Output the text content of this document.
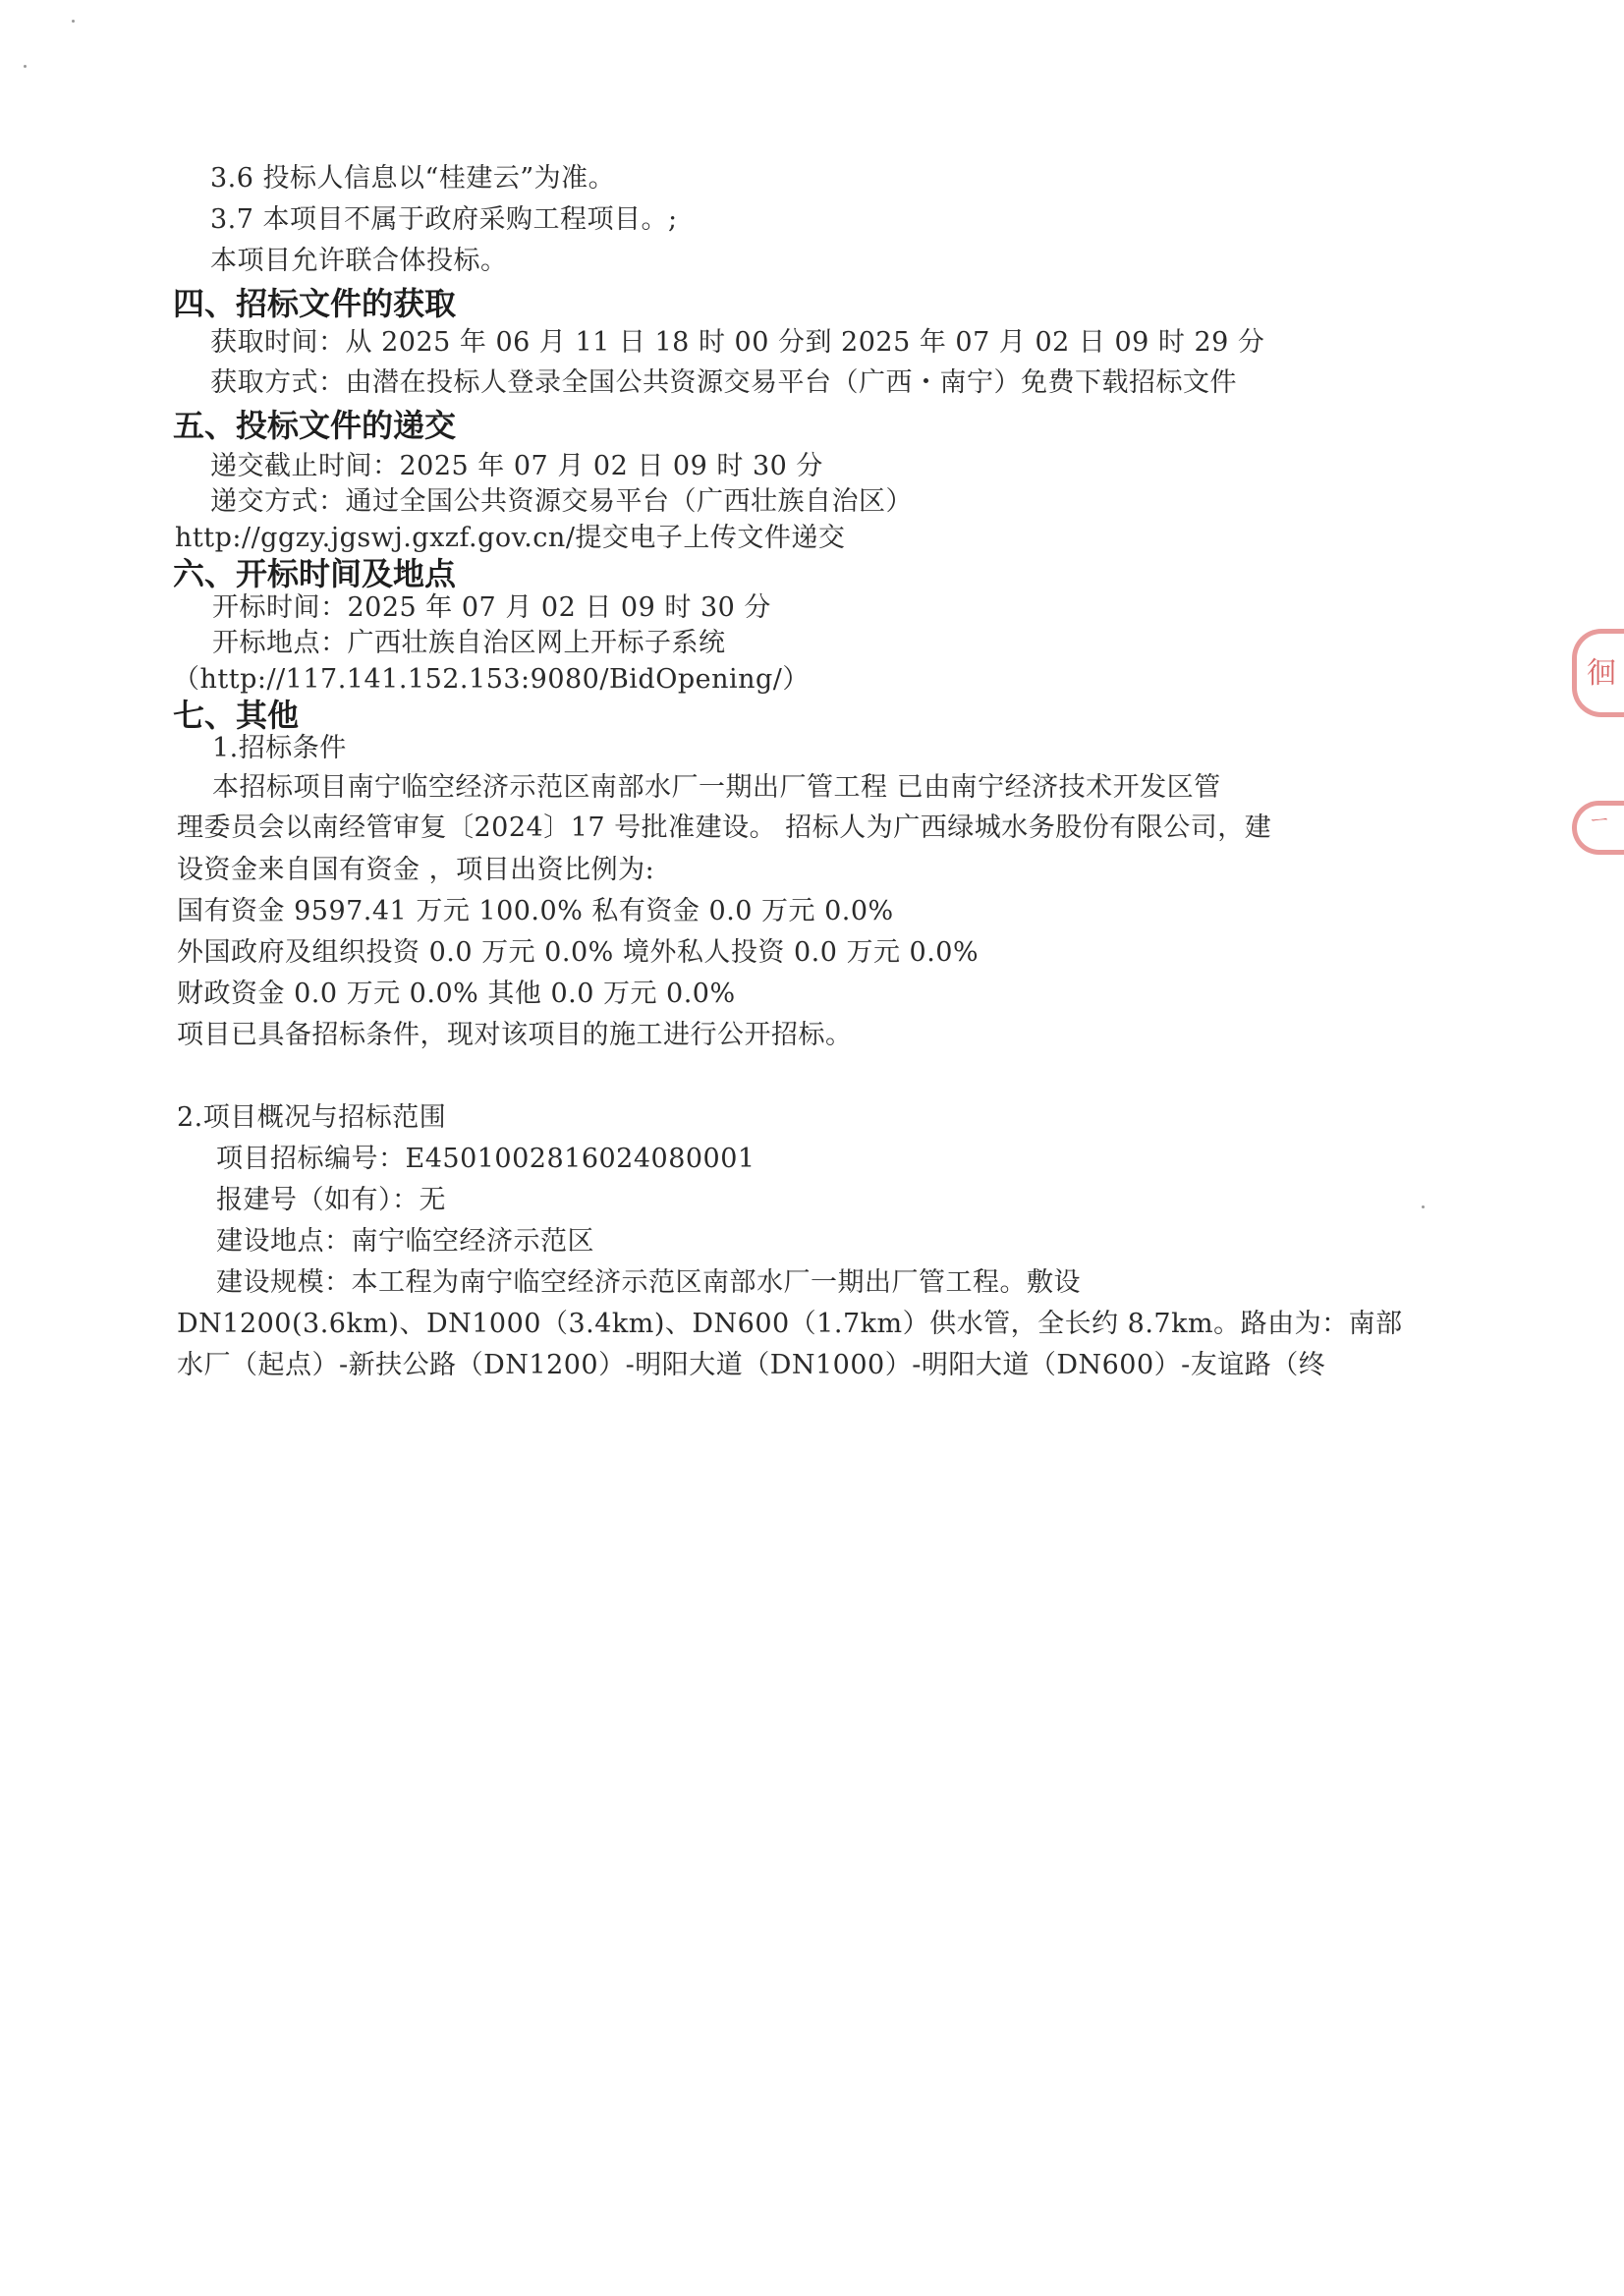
3.6 投标人信息以“桂建云”为准。
3.7 本项目不属于政府采购工程项目。;
本项目允许联合体投标。
四、招标文件的获取
获取时间：从 2025 年 06 月 11 日 18 时 00 分到 2025 年 07 月 02 日 09 时 29 分
获取方式：由潜在投标人登录全国公共资源交易平台（广西・南宁）免费下载招标文件
五、投标文件的递交
递交截止时间：2025 年 07 月 02 日 09 时 30 分
递交方式：通过全国公共资源交易平台（广西壮族自治区）
http://ggzy.jgswj.gxzf.gov.cn/提交电子上传文件递交
六、开标时间及地点
开标时间：2025 年 07 月 02 日 09 时 30 分
开标地点：广西壮族自治区网上开标子系统
（http://117.141.152.153:9080/BidOpening/）
七、其他
1.招标条件
本招标项目南宁临空经济示范区南部水厂一期出厂管工程 已由南宁经济技术开发区管
理委员会以南经管审复〔2024〕17 号批准建设。 招标人为广西绿城水务股份有限公司，建
设资金来自国有资金 ，项目出资比例为:
国有资金 9597.41 万元 100.0% 私有资金 0.0 万元 0.0%
外国政府及组织投资 0.0 万元 0.0% 境外私人投资 0.0 万元 0.0%
财政资金 0.0 万元 0.0% 其他 0.0 万元 0.0%
项目已具备招标条件，现对该项目的施工进行公开招标。
2.项目概况与招标范围
项目招标编号：E4501002816024080001
报建号（如有）：无
建设地点：南宁临空经济示范区
建设规模：本工程为南宁临空经济示范区南部水厂一期出厂管工程。敷设
DN1200(3.6km)、DN1000（3.4km)、DN600（1.7km）供水管，全长约 8.7km。路由为：南部
水厂（起点）-新扶公路（DN1200）-明阳大道（DN1000）-明阳大道（DN600）-友谊路（终
徊
ㄧ
